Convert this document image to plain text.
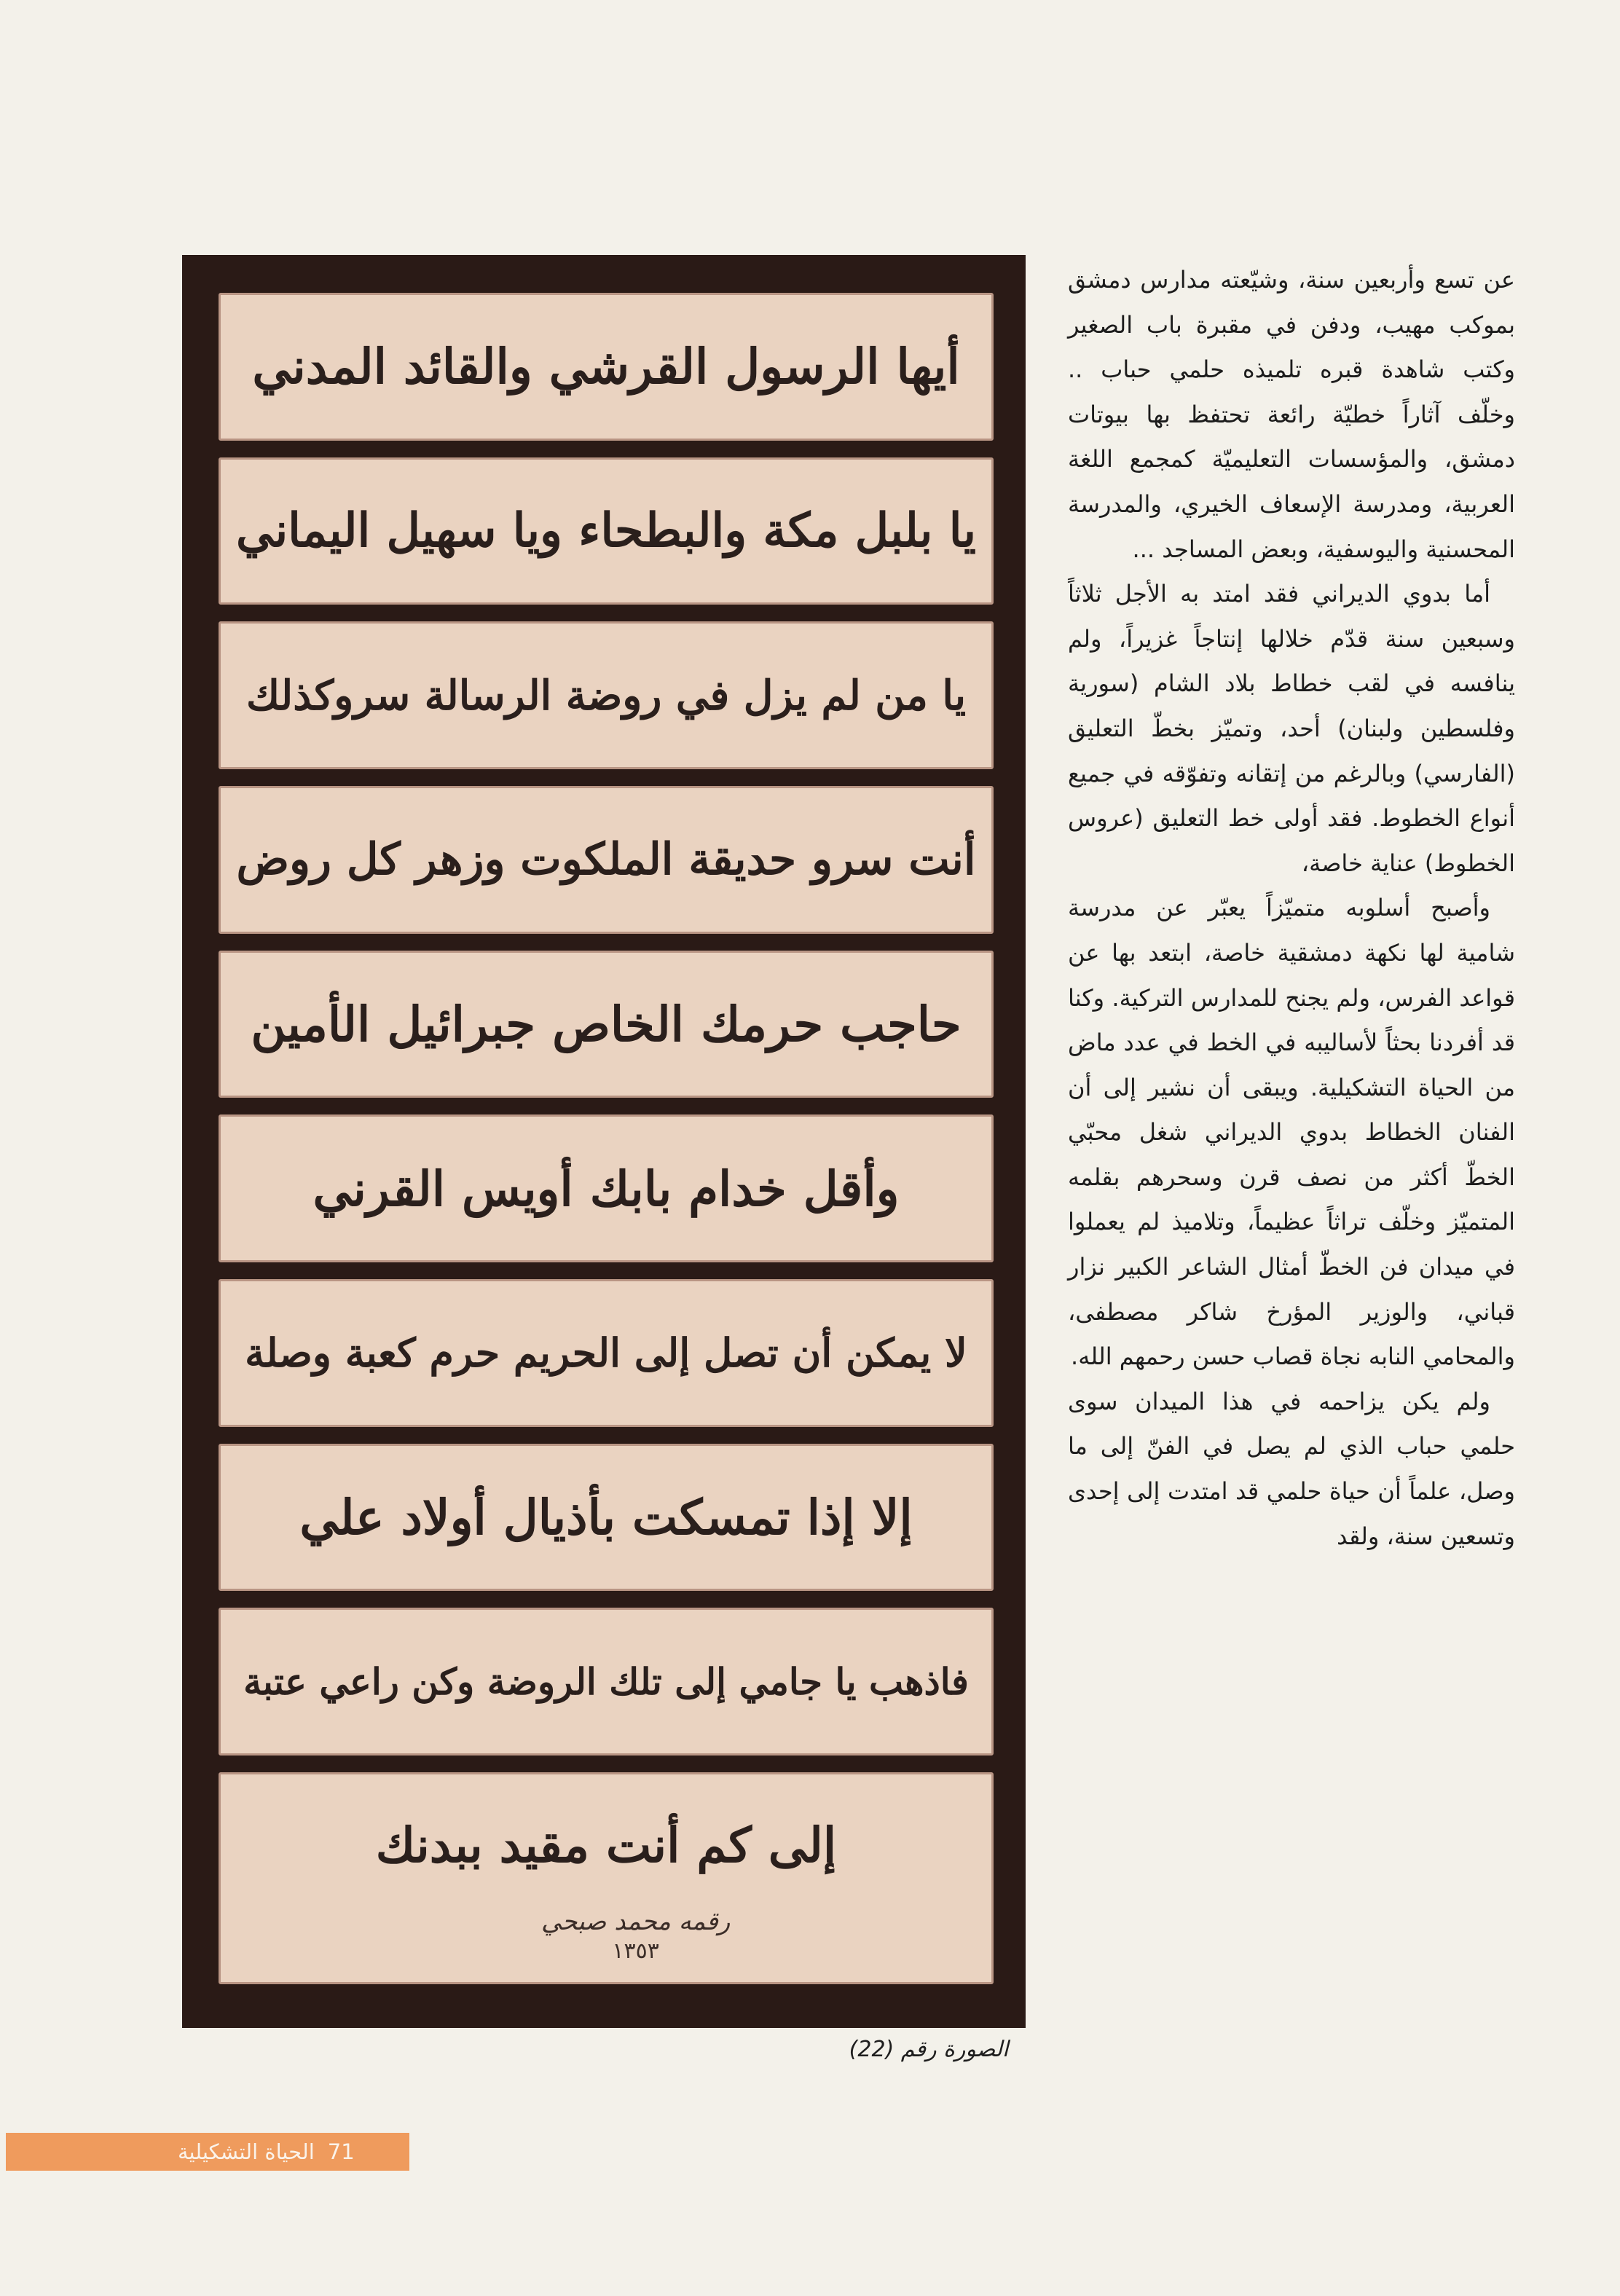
أيها الرسول القرشي والقائد المدني
يا بلبل مكة والبطحاء ويا سهيل اليماني
يا من لم يزل في روضة الرسالة سروكذلك
أنت سرو حديقة الملكوت وزهر كل روض
حاجب حرمك الخاص جبرائيل الأمين
وأقل خدام بابك أويس القرني
لا يمكن أن تصل إلى الحريم حرم كعبة وصلة
إلا إذا تمسكت بأذيال أولاد علي
فاذهب يا جامي إلى تلك الروضة وكن راعي عتبة
إلى كم أنت مقيد ببدنك
رقمه محمد صبحي
١٣٥٣
الصورة رقم (22)

عن تسع وأربعين سنة، وشيّعته مدارس دمشق بموكب مهيب، ودفن في مقبرة باب الصغير وكتب شاهدة قبره تلميذه حلمي حباب .. وخلّف آثاراً خطيّة رائعة تحتفظ بها بيوتات دمشق، والمؤسسات التعليميّة كمجمع اللغة العربية، ومدرسة الإسعاف الخيري، والمدرسة المحسنية واليوسفية، وبعض المساجد ...

أما بدوي الديراني فقد امتد به الأجل ثلاثاً وسبعين سنة قدّم خلالها إنتاجاً غزيراً، ولم ينافسه في لقب خطاط بلاد الشام (سورية وفلسطين ولبنان) أحد، وتميّز بخطّ التعليق (الفارسي) وبالرغم من إتقانه وتفوّقه في جميع أنواع الخطوط. فقد أولى خط التعليق (عروس الخطوط) عناية خاصة،

وأصبح أسلوبه متميّزاً يعبّر عن مدرسة شامية لها نكهة دمشقية خاصة، ابتعد بها عن قواعد الفرس، ولم يجنح للمدارس التركية. وكنا قد أفردنا بحثاً لأساليبه في الخط في عدد ماض من الحياة التشكيلية. ويبقى أن نشير إلى أن الفنان الخطاط بدوي الديراني شغل محبّي الخطّ أكثر من نصف قرن وسحرهم بقلمه المتميّز وخلّف تراثاً عظيماً، وتلاميذ لم يعملوا في ميدان فن الخطّ أمثال الشاعر الكبير نزار قباني، والوزير المؤرخ شاكر مصطفى، والمحامي النابه نجاة قصاب حسن رحمهم الله.

ولم يكن يزاحمه في هذا الميدان سوى حلمي حباب الذي لم يصل في الفنّ إلى ما وصل، علماً أن حياة حلمي قد امتدت إلى إحدى وتسعين سنة، ولقد

الحياة التشكيلية 71
